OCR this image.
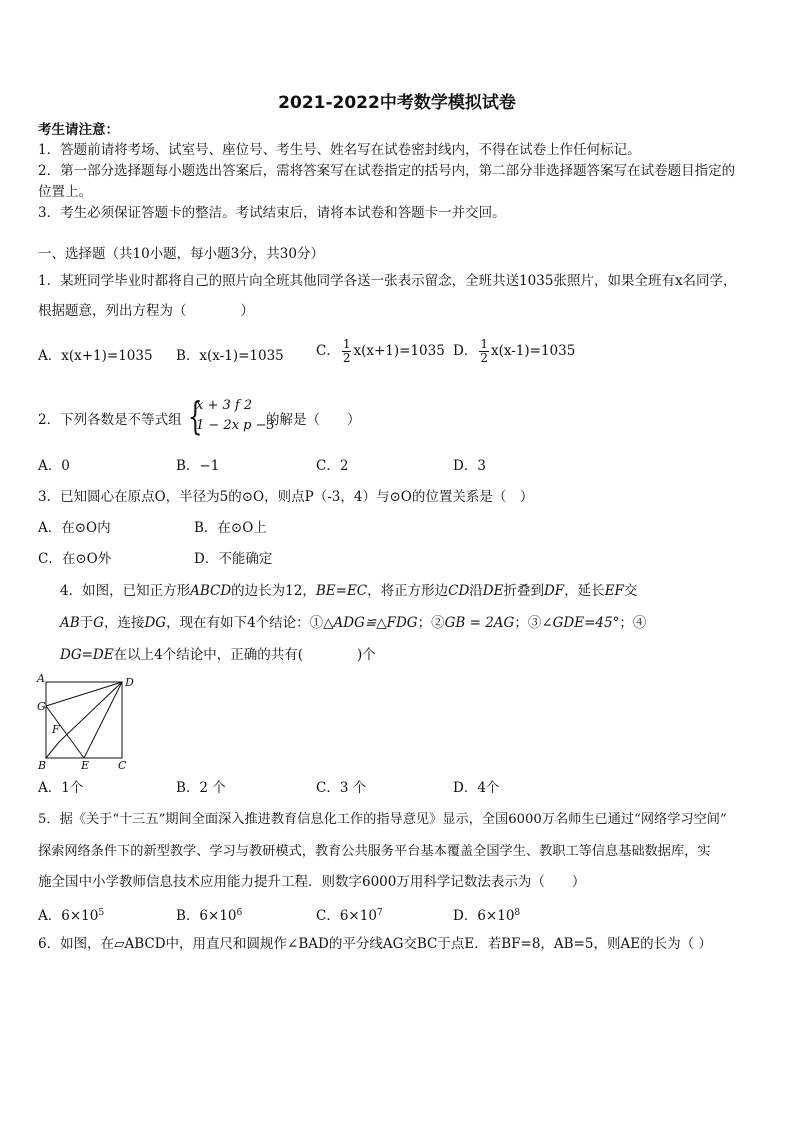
2021-2022中考数学模拟试卷
考生请注意：
1．答题前请将考场、试室号、座位号、考生号、姓名写在试卷密封线内，不得在试卷上作任何标记。
2．第一部分选择题每小题选出答案后，需将答案写在试卷指定的括号内，第二部分非选择题答案写在试卷题目指定的
位置上。
3．考生必须保证答题卡的整洁。考试结束后，请将本试卷和答题卡一并交回。
一、选择题（共10小题，每小题3分，共30分）
1．某班同学毕业时都将自己的照片向全班其他同学各送一张表示留念，全班共送1035张照片，如果全班有x名同学，
根据题意，列出方程为（　　　　）
A．x(x+1)=1035 B．x(x-1)=1035 C． $\frac{1}{2} x(x+1)=1035$ D． $\frac{1}{2} x(x-1)=1035$
2．下列各数是不等式组 {
x + 3 f 2
1 − 2x p −3
的解是（　　）
A．0	B．−1	C．2	D．3
3．已知圆心在原点O，半径为5的⊙O，则点P（-3，4）与⊙O的位置关系是（　）
A．在⊙O内	B．在⊙O上
C．在⊙O外	D．不能确定
4．如图，已知正方形ABCD的边长为12，BE=EC，将正方形边CD沿DE折叠到DF，延长EF交
AB于G，连接DG，现在有如下4个结论：①△ADG≌△FDG；②GB = 2AG；③∠GDE=45°；④
DG=DE在以上4个结论中，正确的共有(　　　　)个
A	D
G
F
B	E	C
A．1个	B．2 个	C．3 个	D．4个
5．据《关于“十三五”期间全面深入推进教育信息化工作的指导意见》显示，全国6000万名师生已通过“网络学习空间”
探索网络条件下的新型教学、学习与教研模式，教育公共服务平台基本覆盖全国学生、教职工等信息基础数据库，实
施全国中小学教师信息技术应用能力提升工程．则数字6000万用科学记数法表示为（　　）
A．$6\times 10^5$	B．$6\times 10^6$	C．$6\times 10^7$	D．$6\times 10^8$
6．如图，在▱ABCD中，用直尺和圆规作∠BAD的平分线AG交BC于点E．若BF=8，AB=5，则AE的长为（ ）
